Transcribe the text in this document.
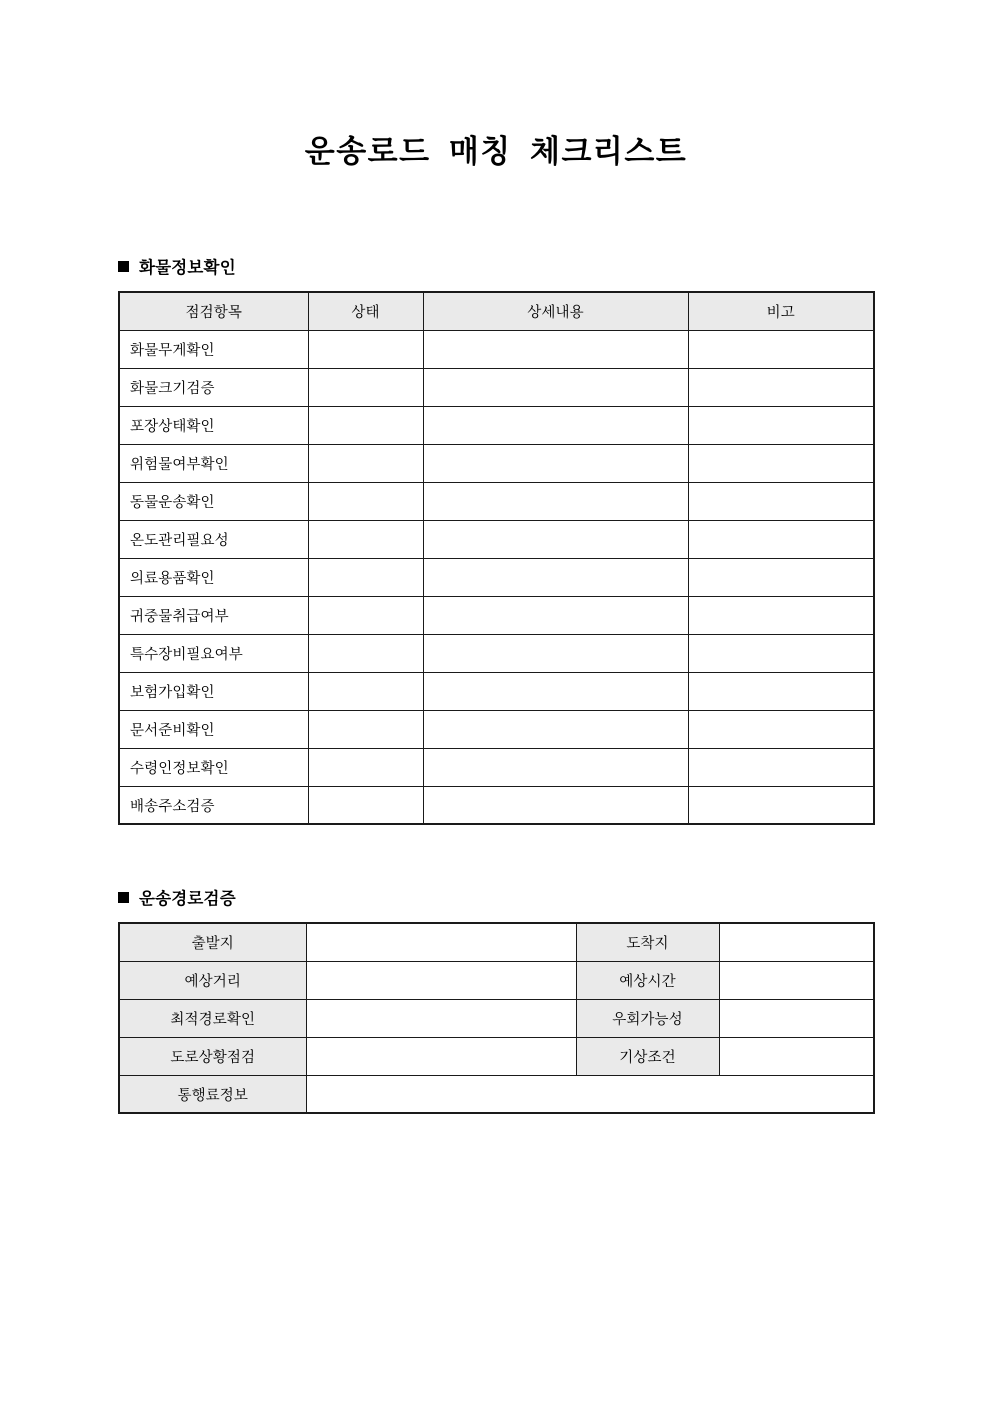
운송로드 매칭 체크리스트
화물정보확인
점검항목	상태	상세내용	비고
화물무게확인			
화물크기검증			
포장상태확인			
위험물여부확인			
동물운송확인			
온도관리필요성			
의료용품확인			
귀중물취급여부			
특수장비필요여부			
보험가입확인			
문서준비확인			
수령인정보확인			
배송주소검증			
운송경로검증
출발지		도착지	
예상거리		예상시간	
최적경로확인		우회가능성	
도로상황점검		기상조건	
통행료정보			
